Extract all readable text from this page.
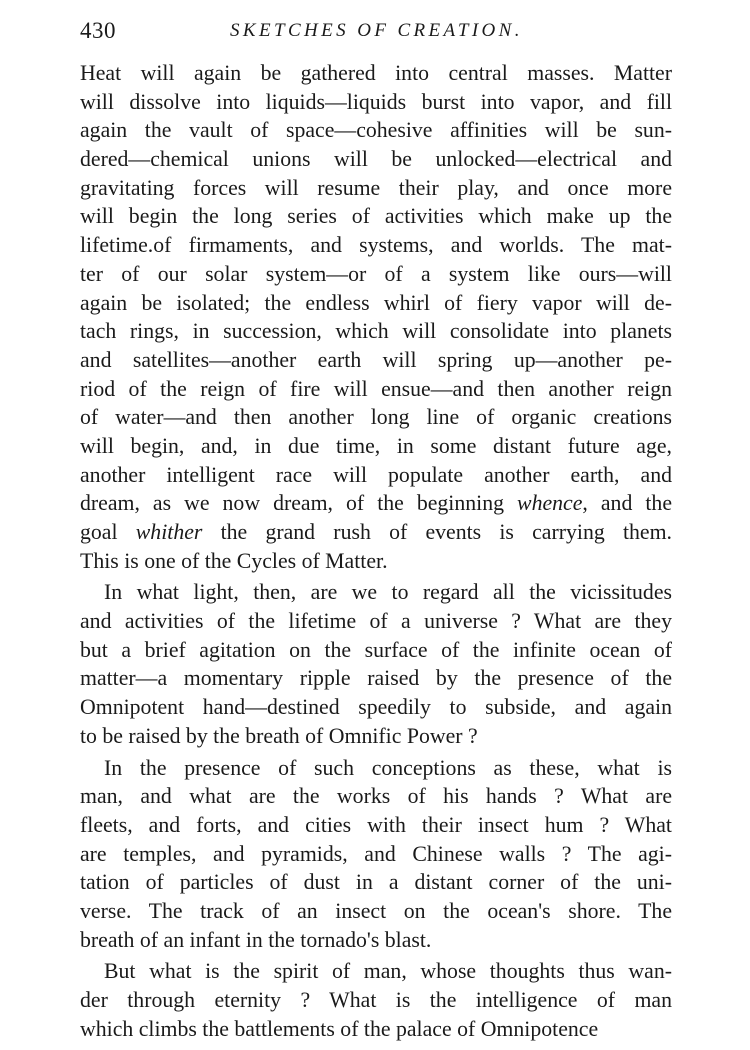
430	SKETCHES OF CREATION.
Heat will again be gathered into central masses. Matter
will dissolve into liquids—liquids burst into vapor, and fill
again the vault of space—cohesive affinities will be sun-
dered—chemical unions will be unlocked—electrical and
gravitating forces will resume their play, and once more
will begin the long series of activities which make up the
lifetime.of firmaments, and systems, and worlds. The mat-
ter of our solar system—or of a system like ours—will
again be isolated; the endless whirl of fiery vapor will de-
tach rings, in succession, which will consolidate into planets
and satellites—another earth will spring up—another pe-
riod of the reign of fire will ensue—and then another reign
of water—and then another long line of organic creations
will begin, and, in due time, in some distant future age,
another intelligent race will populate another earth, and
dream, as we now dream, of the beginning whence, and the
goal whither the grand rush of events is carrying them.
This is one of the Cycles of Matter.
In what light, then, are we to regard all the vicissitudes
and activities of the lifetime of a universe ? What are they
but a brief agitation on the surface of the infinite ocean of
matter—a momentary ripple raised by the presence of the
Omnipotent hand—destined speedily to subside, and again
to be raised by the breath of Omnific Power ?
In the presence of such conceptions as these, what is
man, and what are the works of his hands ? What are
fleets, and forts, and cities with their insect hum ? What
are temples, and pyramids, and Chinese walls ? The agi-
tation of particles of dust in a distant corner of the uni-
verse. The track of an insect on the ocean's shore. The
breath of an infant in the tornado's blast.
But what is the spirit of man, whose thoughts thus wan-
der through eternity ? What is the intelligence of man
which climbs the battlements of the palace of Omnipotence
